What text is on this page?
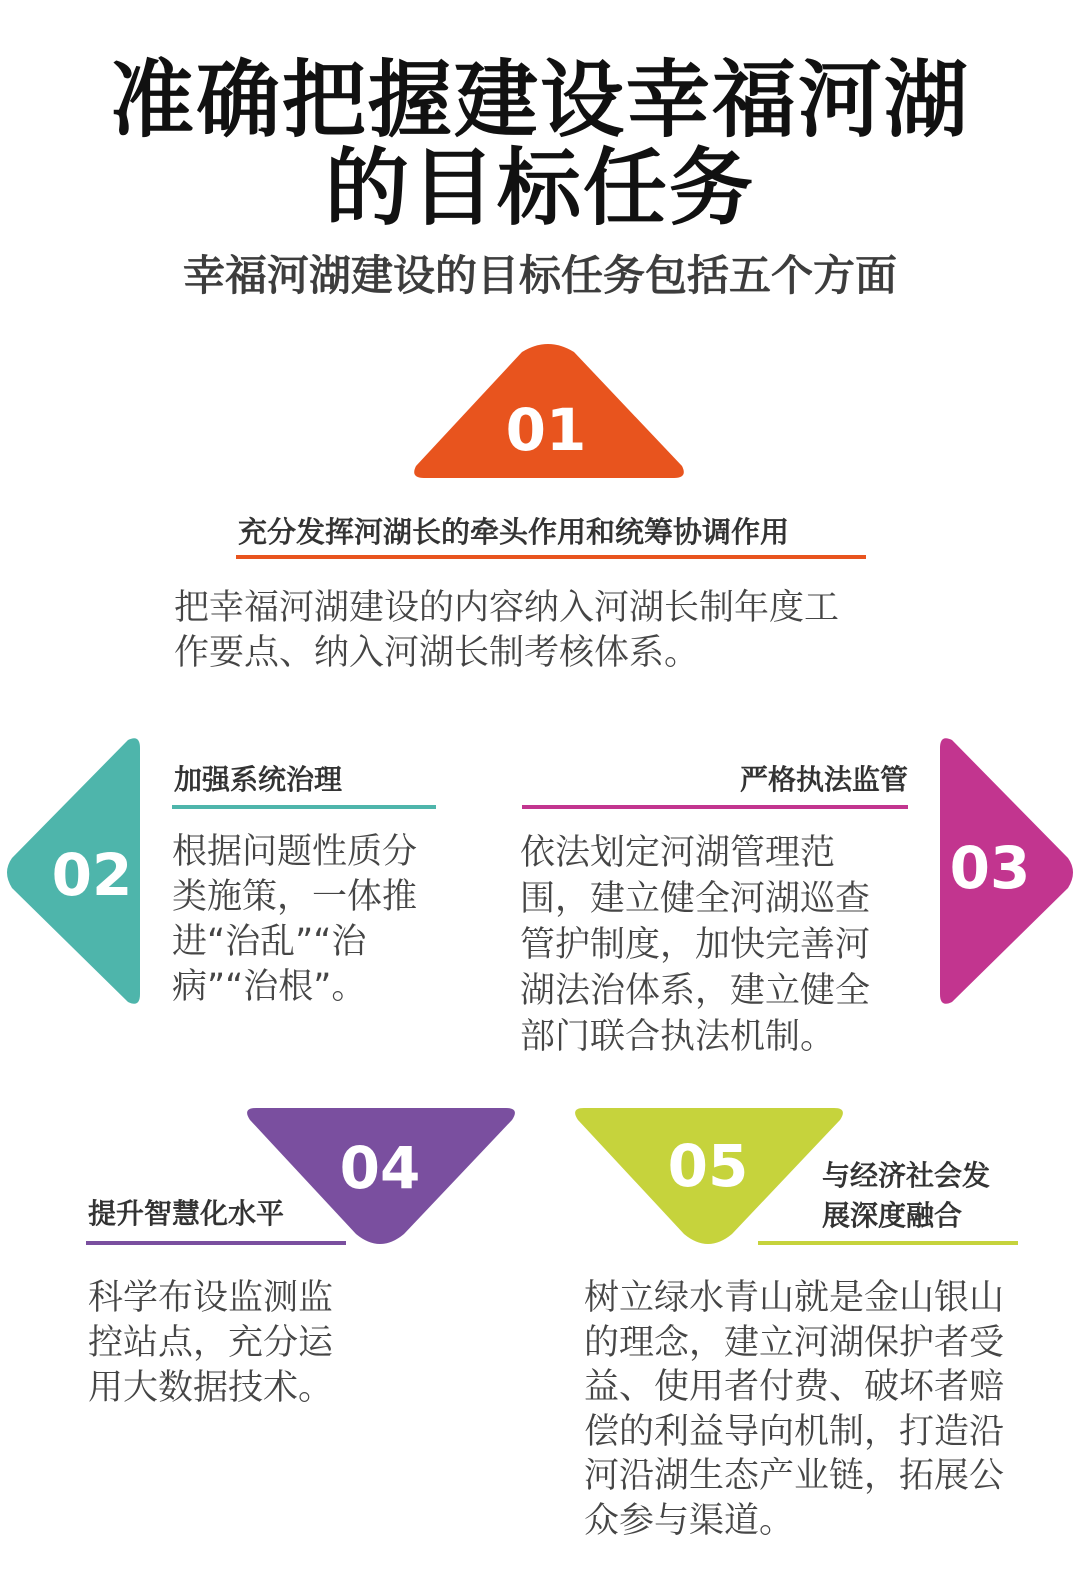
准确把握建设幸福河湖
的目标任务
幸福河湖建设的目标任务包括五个方面
01
02	03
04	05
充分发挥河湖长的牵头作用和统筹协调作用
把幸福河湖建设的内容纳入河湖长制年度工
作要点、纳入河湖长制考核体系。
加强系统治理
根据问题性质分
类施策，一体推
进“治乱”“治
病”“治根”。
严格执法监管
依法划定河湖管理范
围，建立健全河湖巡查
管护制度，加快完善河
湖法治体系，建立健全
部门联合执法机制。
提升智慧化水平
科学布设监测监
控站点，充分运
用大数据技术。
与经济社会发
展深度融合
树立绿水青山就是金山银山
的理念，建立河湖保护者受
益、使用者付费、破坏者赔
偿的利益导向机制，打造沿
河沿湖生态产业链，拓展公
众参与渠道。
